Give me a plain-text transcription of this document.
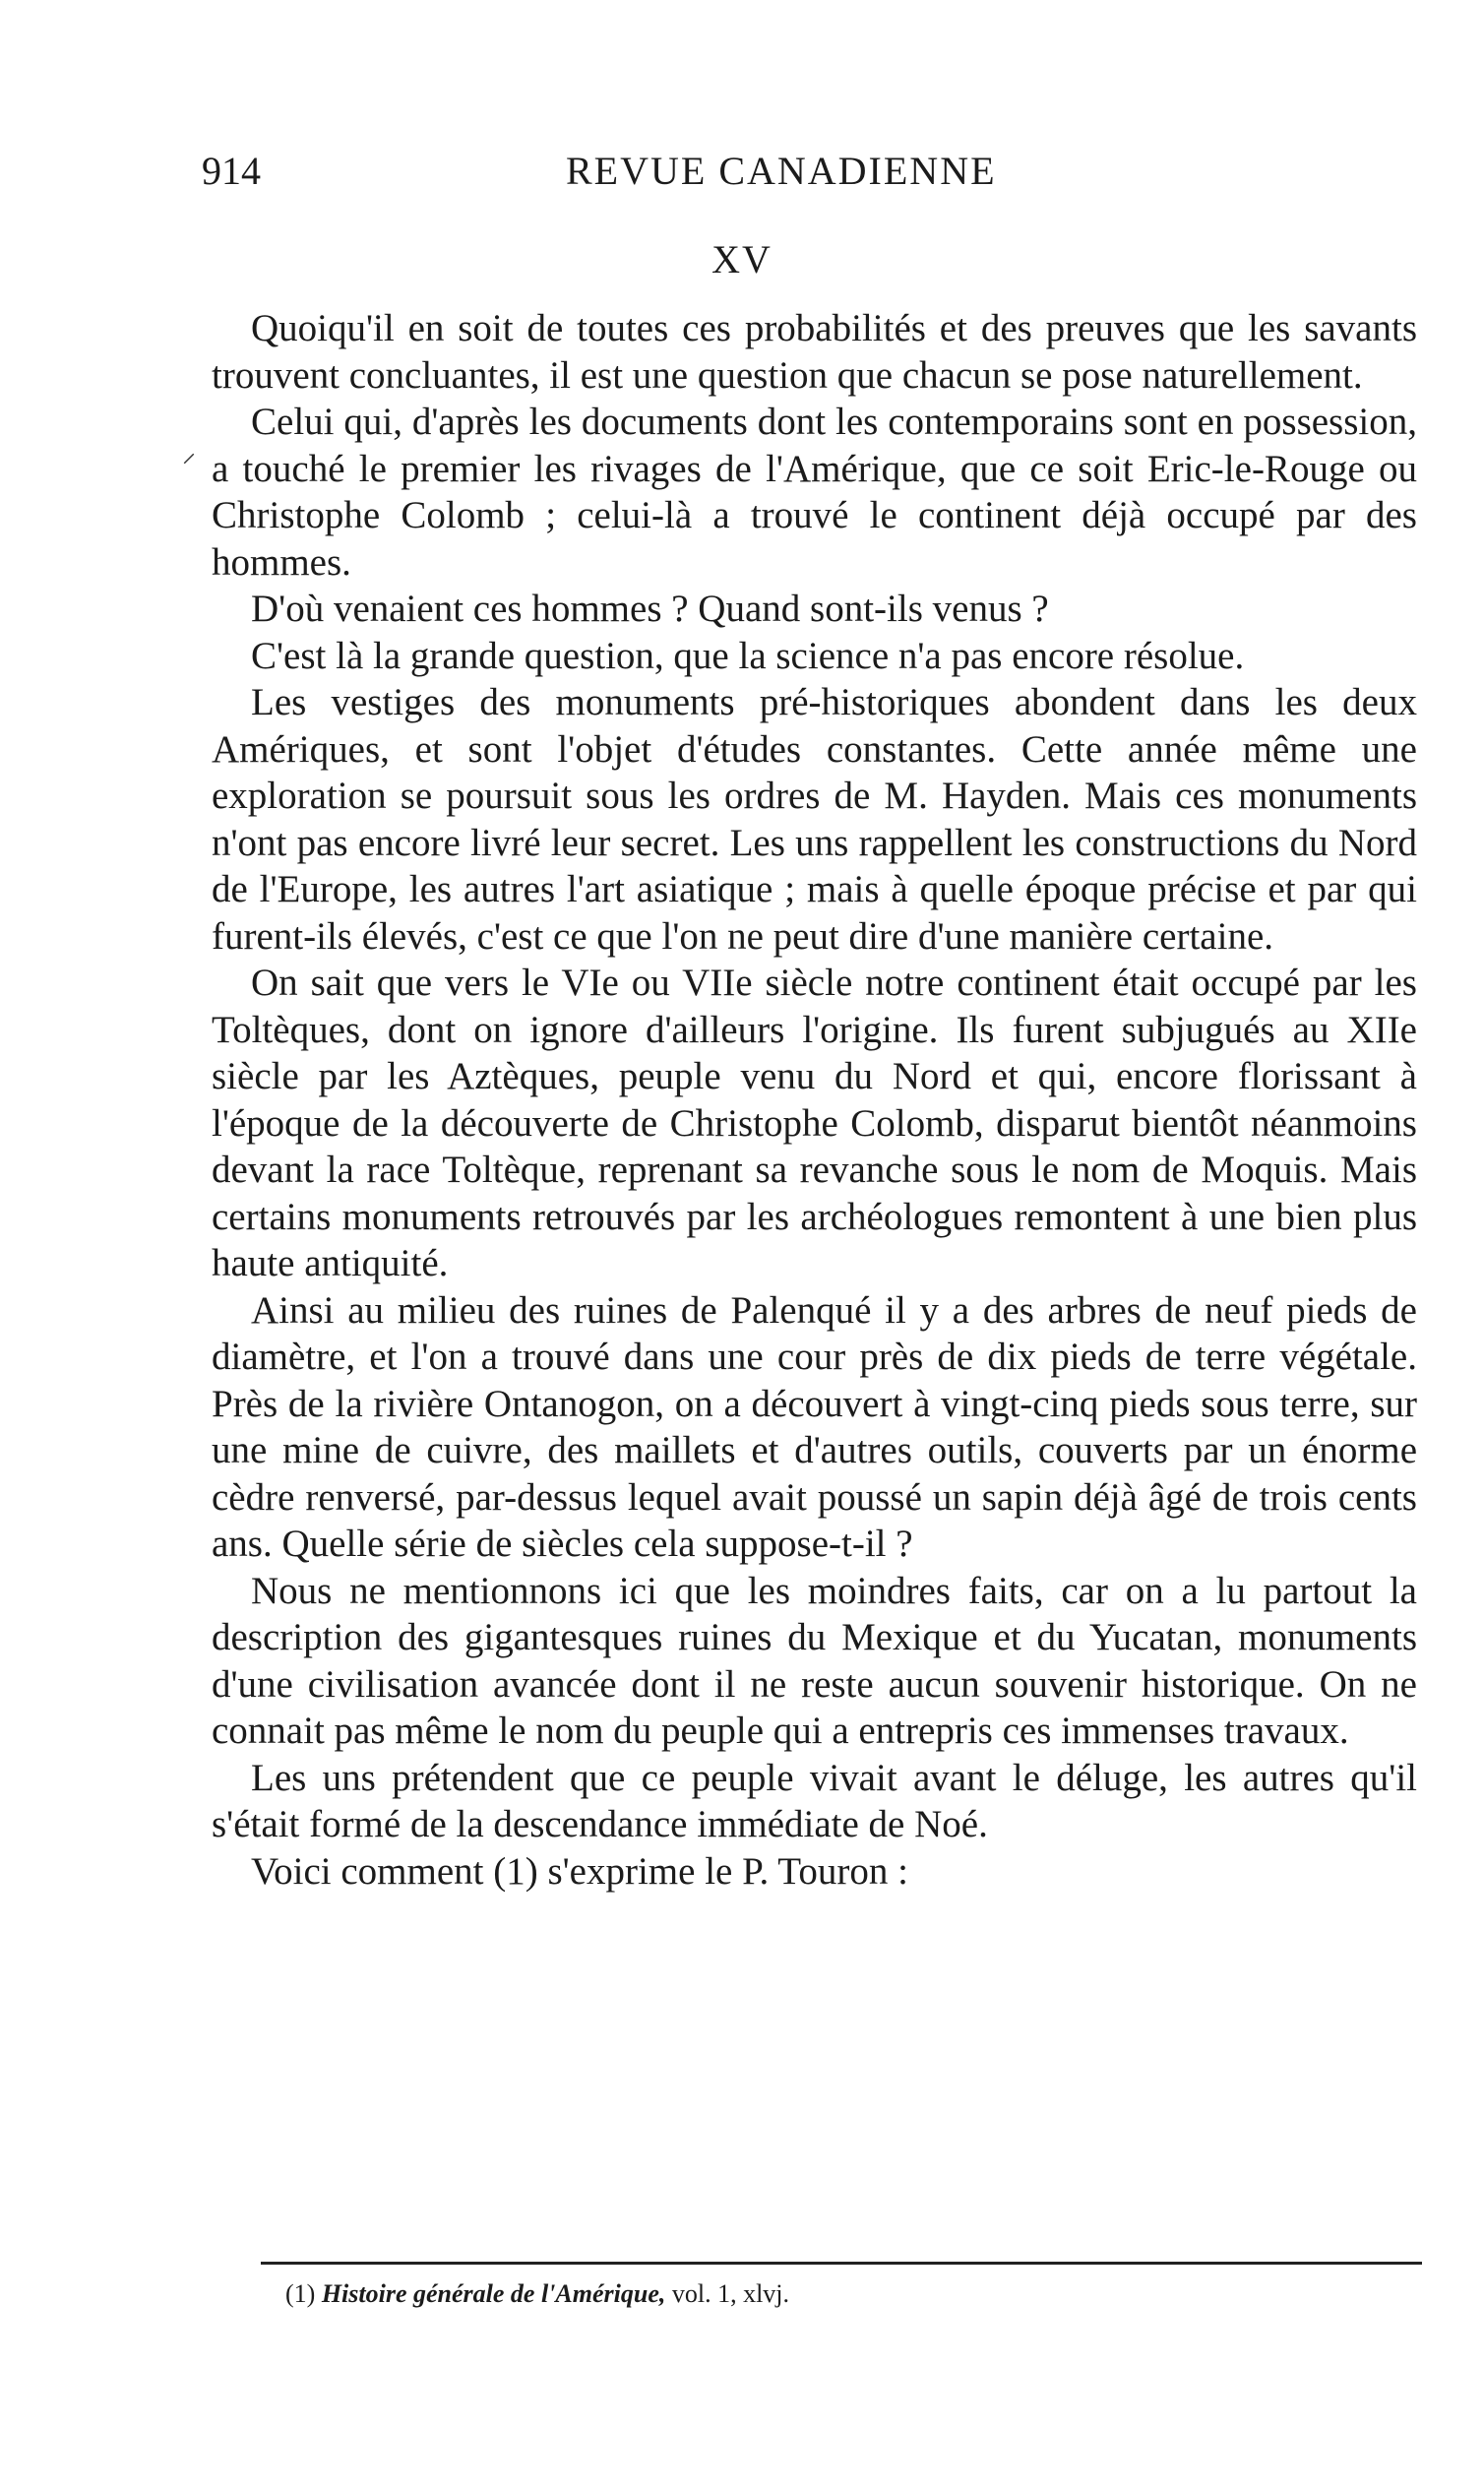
914	REVUE CANADIENNE
XV

Quoiqu'il en soit de toutes ces probabilités et des preuves que les savants trouvent concluantes, il est une question que chacun se pose naturellement.

Celui qui, d'après les documents dont les contemporains sont en possession, a touché le premier les rivages de l'Amérique, que ce soit Eric-le-Rouge ou Christophe Colomb ; celui-là a trouvé le continent déjà occupé par des hommes.

D'où venaient ces hommes ? Quand sont-ils venus ?

C'est là la grande question, que la science n'a pas encore résolue.

Les vestiges des monuments pré-historiques abondent dans les deux Amériques, et sont l'objet d'études constantes. Cette année même une exploration se poursuit sous les ordres de M. Hayden. Mais ces monuments n'ont pas encore livré leur secret. Les uns rappellent les constructions du Nord de l'Europe, les autres l'art asiatique ; mais à quelle époque précise et par qui furent-ils élevés, c'est ce que l'on ne peut dire d'une manière certaine.

On sait que vers le VIe ou VIIe siècle notre continent était occupé par les Toltèques, dont on ignore d'ailleurs l'origine. Ils furent subjugués au XIIe siècle par les Aztèques, peuple venu du Nord et qui, encore florissant à l'époque de la découverte de Christophe Colomb, disparut bientôt néanmoins devant la race Toltèque, reprenant sa revanche sous le nom de Moquis. Mais certains monuments retrouvés par les archéologues remontent à une bien plus haute antiquité.

Ainsi au milieu des ruines de Palenqué il y a des arbres de neuf pieds de diamètre, et l'on a trouvé dans une cour près de dix pieds de terre végétale. Près de la rivière Ontanogon, on a découvert à vingt-cinq pieds sous terre, sur une mine de cuivre, des maillets et d'autres outils, couverts par un énorme cèdre renversé, par-dessus lequel avait poussé un sapin déjà âgé de trois cents ans. Quelle série de siècles cela suppose-t-il ?

Nous ne mentionnons ici que les moindres faits, car on a lu partout la description des gigantesques ruines du Mexique et du Yucatan, monuments d'une civilisation avancée dont il ne reste aucun souvenir historique. On ne connait pas même le nom du peuple qui a entrepris ces immenses travaux.

Les uns prétendent que ce peuple vivait avant le déluge, les autres qu'il s'était formé de la descendance immédiate de Noé.

Voici comment (1) s'exprime le P. Touron :

(1) Histoire générale de l'Amérique, vol. 1, xlvj.
⸝
